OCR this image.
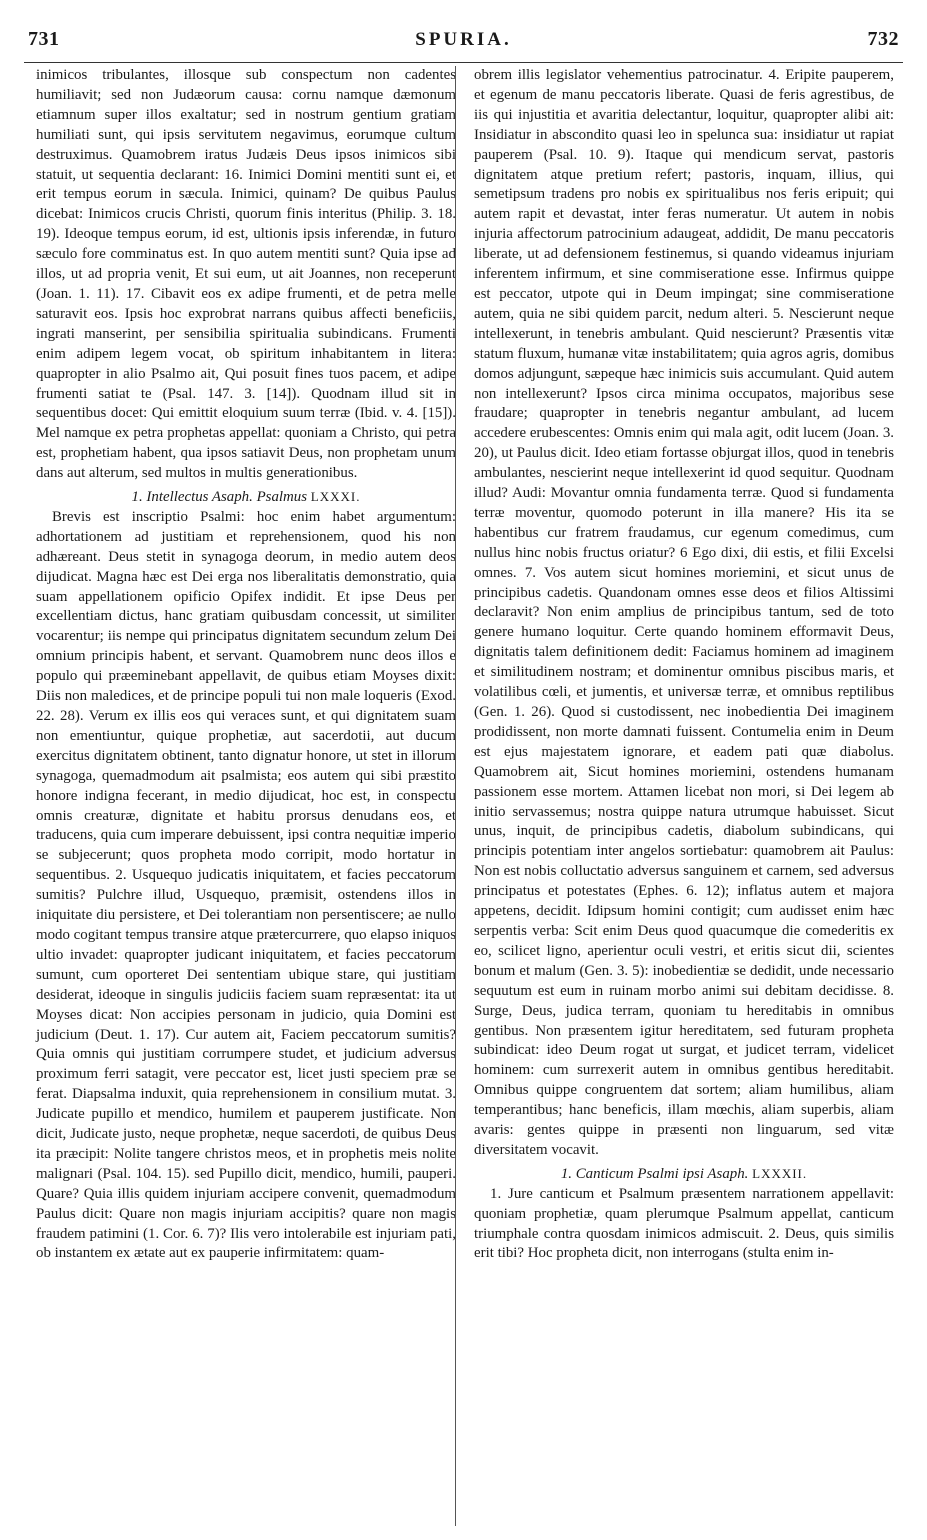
731	SPURIA.	732

inimicos tribulantes, illosque sub conspectum non cadentes humiliavit; sed non Judæorum causa: cornu namque dæmonum etiamnum super illos exaltatur; sed in nostrum gentium gratiam humiliati sunt, qui ipsis servitutem negavimus, eorumque cultum destruximus. Quamobrem iratus Judæis Deus ipsos inimicos sibi statuit, ut sequentia declarant: 16. Inimici Domini mentiti sunt ei, et erit tempus eorum in sæcula. Inimici, quinam? De quibus Paulus dicebat: Inimicos crucis Christi, quorum finis interitus (Philip. 3. 18. 19). Ideoque tempus eorum, id est, ultionis ipsis inferendæ, in futuro sæculo fore comminatus est. In quo autem mentiti sunt? Quia ipse ad illos, ut ad propria venit, Et sui eum, ut ait Joannes, non receperunt (Joan. 1. 11). 17. Cibavit eos ex adipe frumenti, et de petra melle saturavit eos. Ipsis hoc exprobrat narrans quibus affecti beneficiis, ingrati manserint, per sensibilia spiritualia subindicans. Frumenti enim adipem legem vocat, ob spiritum inhabitantem in litera: quapropter in alio Psalmo ait, Qui posuit fines tuos pacem, et adipe frumenti satiat te (Psal. 147. 3. [14]). Quodnam illud sit in sequentibus docet: Qui emittit eloquium suum terræ (Ibid. v. 4. [15]). Mel namque ex petra prophetas appellat: quoniam a Christo, qui petra est, prophetiam habent, qua ipsos satiavit Deus, non prophetam unum dans aut alterum, sed multos in multis generationibus.

1. Intellectus Asaph. Psalmus LXXXI.

Brevis est inscriptio Psalmi: hoc enim habet argumentum: adhortationem ad justitiam et reprehensionem, quod his non adhæreant. Deus stetit in synagoga deorum, in medio autem deos dijudicat. Magna hæc est Dei erga nos liberalitatis demonstratio, quia suam appellationem opificio Opifex indidit. Et ipse Deus per excellentiam dictus, hanc gratiam quibusdam concessit, ut similiter vocarentur; iis nempe qui principatus dignitatem secundum zelum Dei omnium principis habent, et servant. Quamobrem nunc deos illos e populo qui præeminebant appellavit, de quibus etiam Moyses dixit: Diis non maledices, et de principe populi tui non male loqueris (Exod. 22. 28). Verum ex illis eos qui veraces sunt, et qui dignitatem suam non ementiuntur, quique prophetiæ, aut sacerdotii, aut ducum exercitus dignitatem obtinent, tanto dignatur honore, ut stet in illorum synagoga, quemadmodum ait psalmista; eos autem qui sibi præstito honore indigna fecerant, in medio dijudicat, hoc est, in conspectu omnis creaturæ, dignitate et habitu prorsus denudans eos, et traducens, quia cum imperare debuissent, ipsi contra nequitiæ imperio se subjecerunt; quos propheta modo corripit, modo hortatur in sequentibus. 2. Usquequo judicatis iniquitatem, et facies peccatorum sumitis? Pulchre illud, Usquequo, præmisit, ostendens illos in iniquitate diu persistere, et Dei tolerantiam non persentiscere; ae nullo modo cogitant tempus transire atque prætercurrere, quo elapso iniquos ultio invadet: quapropter judicant iniquitatem, et facies peccatorum sumunt, cum oporteret Dei sententiam ubique stare, qui justitiam desiderat, ideoque in singulis judiciis faciem suam repræsentat: ita ut Moyses dicat: Non accipies personam in judicio, quia Domini est judicium (Deut. 1. 17). Cur autem ait, Faciem peccatorum sumitis? Quia omnis qui justitiam corrumpere studet, et judicium adversus proximum ferri satagit, vere peccator est, licet justi speciem præ se ferat. Diapsalma induxit, quia reprehensionem in consilium mutat. 3. Judicate pupillo et mendico, humilem et pauperem justificate. Non dicit, Judicate justo, neque prophetæ, neque sacerdoti, de quibus Deus ita præcipit: Nolite tangere christos meos, et in prophetis meis nolite malignari (Psal. 104. 15). sed Pupillo dicit, mendico, humili, pauperi. Quare? Quia illis quidem injuriam accipere convenit, quemadmodum Paulus dicit: Quare non magis injuriam accipitis? quare non magis fraudem patimini (1. Cor. 6. 7)? Ilis vero intolerabile est injuriam pati, ob instantem ex ætate aut ex pauperie infirmitatem: quam-

obrem illis legislator vehementius patrocinatur. 4. Eripite pauperem, et egenum de manu peccatoris liberate. Quasi de feris agrestibus, de iis qui injustitia et avaritia delectantur, loquitur, quapropter alibi ait: Insidiatur in abscondito quasi leo in spelunca sua: insidiatur ut rapiat pauperem (Psal. 10. 9). Itaque qui mendicum servat, pastoris dignitatem atque pretium refert; pastoris, inquam, illius, qui semetipsum tradens pro nobis ex spiritualibus nos feris eripuit; qui autem rapit et devastat, inter feras numeratur. Ut autem in nobis injuria affectorum patrocinium adaugeat, addidit, De manu peccatoris liberate, ut ad defensionem festinemus, si quando videamus injuriam inferentem infirmum, et sine commiseratione esse. Infirmus quippe est peccator, utpote qui in Deum impingat; sine commiseratione autem, quia ne sibi quidem parcit, nedum alteri. 5. Nescierunt neque intellexerunt, in tenebris ambulant. Quid nescierunt? Præsentis vitæ statum fluxum, humanæ vitæ instabilitatem; quia agros agris, domibus domos adjungunt, sæpeque hæc inimicis suis accumulant. Quid autem non intellexerunt? Ipsos circa minima occupatos, majoribus sese fraudare; quapropter in tenebris negantur ambulant, ad lucem accedere erubescentes: Omnis enim qui mala agit, odit lucem (Joan. 3. 20), ut Paulus dicit. Ideo etiam fortasse objurgat illos, quod in tenebris ambulantes, nescierint neque intellexerint id quod sequitur. Quodnam illud? Audi: Movantur omnia fundamenta terræ. Quod si fundamenta terræ moventur, quomodo poterunt in illa manere? His ita se habentibus cur fratrem fraudamus, cur egenum comedimus, cum nullus hinc nobis fructus oriatur? 6 Ego dixi, dii estis, et filii Excelsi omnes. 7. Vos autem sicut homines moriemini, et sicut unus de principibus cadetis. Quandonam omnes esse deos et filios Altissimi declaravit? Non enim amplius de principibus tantum, sed de toto genere humano loquitur. Certe quando hominem efformavit Deus, dignitatis talem definitionem dedit: Faciamus hominem ad imaginem et similitudinem nostram; et dominentur omnibus piscibus maris, et volatilibus cœli, et jumentis, et universæ terræ, et omnibus reptilibus (Gen. 1. 26). Quod si custodissent, nec inobedientia Dei imaginem prodidissent, non morte damnati fuissent. Contumelia enim in Deum est ejus majestatem ignorare, et eadem pati quæ diabolus. Quamobrem ait, Sicut homines moriemini, ostendens humanam passionem esse mortem. Attamen licebat non mori, si Dei legem ab initio servassemus; nostra quippe natura utrumque habuisset. Sicut unus, inquit, de principibus cadetis, diabolum subindicans, qui principis potentiam inter angelos sortiebatur: quamobrem ait Paulus: Non est nobis colluctatio adversus sanguinem et carnem, sed adversus principatus et potestates (Ephes. 6. 12); inflatus autem et majora appetens, decidit. Idipsum homini contigit; cum audisset enim hæc serpentis verba: Scit enim Deus quod quacumque die comederitis ex eo, scilicet ligno, aperientur oculi vestri, et eritis sicut dii, scientes bonum et malum (Gen. 3. 5): inobedientiæ se dedidit, unde necessario sequutum est eum in ruinam morbo animi sui debitam decidisse. 8. Surge, Deus, judica terram, quoniam tu hereditabis in omnibus gentibus. Non præsentem igitur hereditatem, sed futuram propheta subindicat: ideo Deum rogat ut surgat, et judicet terram, videlicet hominem: cum surrexerit autem in omnibus gentibus hereditabit. Omnibus quippe congruentem dat sortem; aliam humilibus, aliam temperantibus; hanc beneficis, illam mœchis, aliam superbis, aliam avaris: gentes quippe in præsenti non linguarum, sed vitæ diversitatem vocavit.

1. Canticum Psalmi ipsi Asaph. LXXXII.

1. Jure canticum et Psalmum præsentem narrationem appellavit: quoniam prophetiæ, quam plerumque Psalmum appellat, canticum triumphale contra quosdam inimicos admiscuit. 2. Deus, quis similis erit tibi? Hoc propheta dicit, non interrogans (stulta enim in-
